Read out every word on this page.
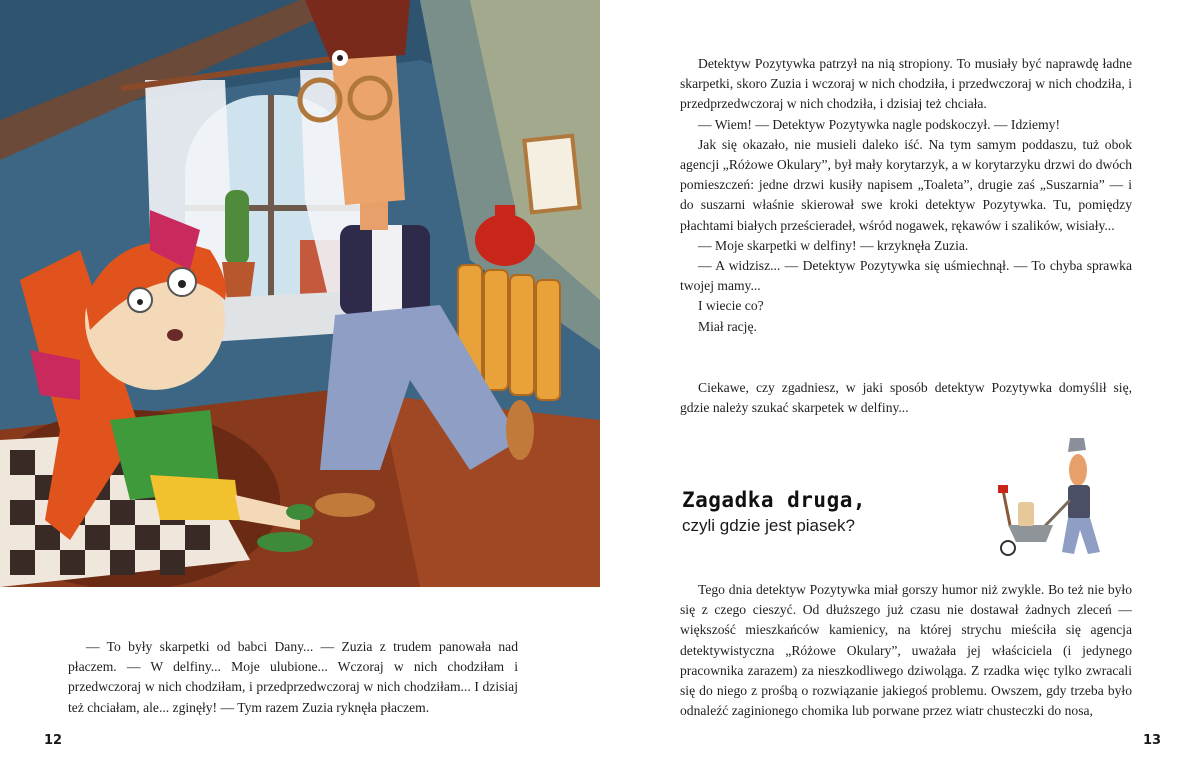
— To były skarpetki od babci Dany... — Zuzia z trudem panowała nad płaczem. — W delfiny... Moje ulubione... Wczoraj w nich chodziłam i przedwczoraj w nich chodziłam, i przedprzedwczoraj w nich chodziłam... I dzisiaj też chciałam, ale... zginęły! — Tym razem Zuzia ryknęła płaczem.

12

Detektyw Pozytywka patrzył na nią stropiony. To musiały być naprawdę ładne skarpetki, skoro Zuzia i wczoraj w nich chodziła, i przedwczoraj w nich chodziła, i przedprzedwczoraj w nich chodziła, i dzisiaj też chciała.

— Wiem! — Detektyw Pozytywka nagle podskoczył. — Idziemy!

Jak się okazało, nie musieli daleko iść. Na tym samym poddaszu, tuż obok agencji „Różowe Okulary”, był mały korytarzyk, a w korytarzyku drzwi do dwóch pomieszczeń: jedne drzwi kusiły napisem „Toaleta”, drugie zaś „Suszarnia” — i do suszarni właśnie skierował swe kroki detektyw Pozytywka. Tu, pomiędzy płachtami białych prześcieradeł, wśród nogawek, rękawów i szalików, wisiały...

— Moje skarpetki w delfiny! — krzyknęła Zuzia.

— A widzisz... — Detektyw Pozytywka się uśmiechnął. — To chyba sprawka twojej mamy...

I wiecie co?

Miał rację.

Ciekawe, czy zgadniesz, w jaki sposób detektyw Pozytywka domyślił się, gdzie należy szukać skarpetek w delfiny...

Zagadka druga,
czyli gdzie jest piasek?

Tego dnia detektyw Pozytywka miał gorszy humor niż zwykle. Bo też nie było się z czego cieszyć. Od dłuższego już czasu nie dostawał żadnych zleceń — większość mieszkańców kamienicy, na której strychu mieściła się agencja detektywistyczna „Różowe Okulary”, uważała jej właściciela (i jedynego pracownika zarazem) za nieszkodliwego dziwoląga. Z rzadka więc tylko zwracali się do niego z prośbą o rozwiązanie jakiegoś problemu. Owszem, gdy trzeba było odnaleźć zaginionego chomika lub porwane przez wiatr chusteczki do nosa,

13
